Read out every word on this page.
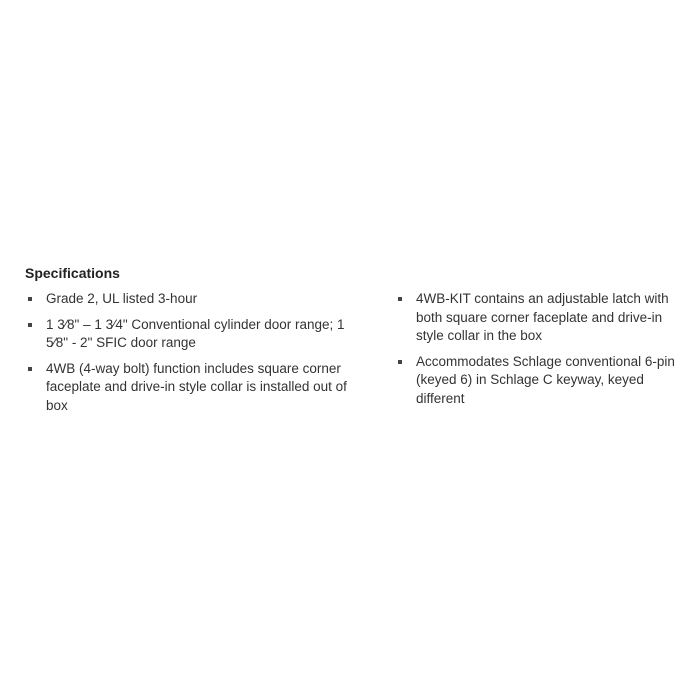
Specifications
Grade 2, UL listed 3-hour
1 3⁄8" – 1 3⁄4" Conventional cylinder door range; 1 5⁄8" - 2" SFIC door range
4WB (4-way bolt) function includes square corner faceplate and drive-in style collar is installed out of box
4WB-KIT contains an adjustable latch with both square corner faceplate and drive-in style collar in the box
Accommodates Schlage conventional 6-pin (keyed 6) in Schlage C keyway, keyed different
